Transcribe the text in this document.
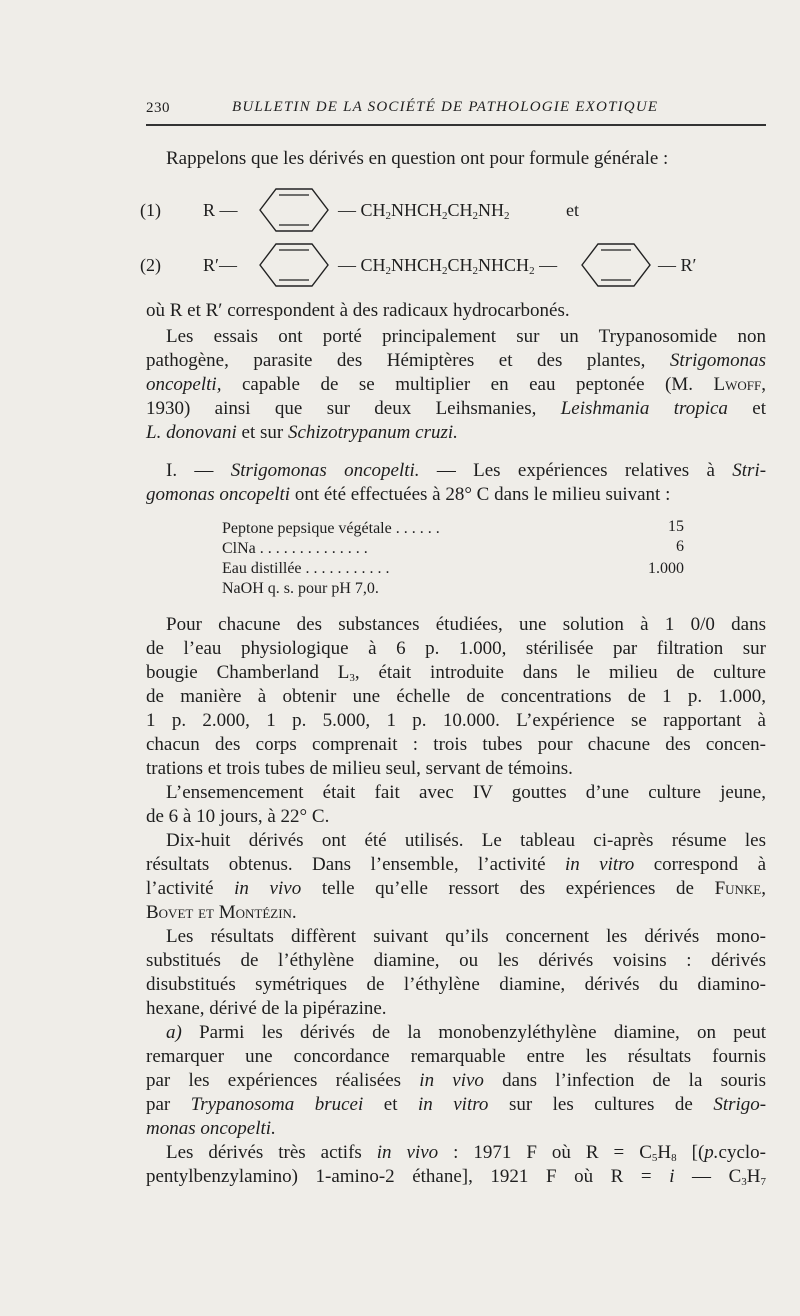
230	BULLETIN DE LA SOCIÉTÉ DE PATHOLOGIE EXOTIQUE
Rappelons que les dérivés en question ont pour formule générale :
(1) R —	— $CH_2NHCH_2CH_2NH_2$	et
(2) R′—	— $CH_2NHCH_2CH_2NHCH_2$ —	— R′
où R et R′ correspondent à des radicaux hydrocarbonés.
Les essais ont porté principalement sur un Trypanosomide non
pathogène, parasite des Hémiptères et des plantes, Strigomonas
oncopelti, capable de se multiplier en eau peptonée (M. Lwoff,
1930) ainsi que sur deux Leihsmanies, Leishmania tropica et
L. donovani et sur Schizotrypanum cruzi.
I. — Strigomonas oncopelti. — Les expériences relatives à Stri-
gomonas oncopelti ont été effectuées à 28° C dans le milieu suivant :
Peptone pepsique végétale . . . . . .	15
ClNa . . . . . . . . . . . . . .	6
Eau distillée . . . . . . . . . . .	1.000
NaOH q. s. pour pH 7,0.
Pour chacune des substances étudiées, une solution à 1 0/0 dans
de l’eau physiologique à 6 p. 1.000, stérilisée par filtration sur
bougie Chamberland $L_3$, était introduite dans le milieu de culture
de manière à obtenir une échelle de concentrations de 1 p. 1.000,
1 p. 2.000, 1 p. 5.000, 1 p. 10.000. L’expérience se rapportant à
chacun des corps comprenait : trois tubes pour chacune des concen-
trations et trois tubes de milieu seul, servant de témoins.
L’ensemencement était fait avec IV gouttes d’une culture jeune,
de 6 à 10 jours, à 22° C.
Dix-huit dérivés ont été utilisés. Le tableau ci-après résume les
résultats obtenus. Dans l’ensemble, l’activité in vitro correspond à
l’activité in vivo telle qu’elle ressort des expériences de Funke,
Bovet et Montézin.
Les résultats diffèrent suivant qu’ils concernent les dérivés mono-
substitués de l’éthylène diamine, ou les dérivés voisins : dérivés
disubstitués symétriques de l’éthylène diamine, dérivés du diamino-
hexane, dérivé de la pipérazine.
a) Parmi les dérivés de la monobenzyléthylène diamine, on peut
remarquer une concordance remarquable entre les résultats fournis
par les expériences réalisées in vivo dans l’infection de la souris
par Trypanosoma brucei et in vitro sur les cultures de Strigo-
monas oncopelti.
Les dérivés très actifs in vivo : 1971 F où $R = C_5H_8$ [(p.cyclo-
pentylbenzylamino) 1-amino-2 éthane], 1921 F où R = i — $C_3H_7$
